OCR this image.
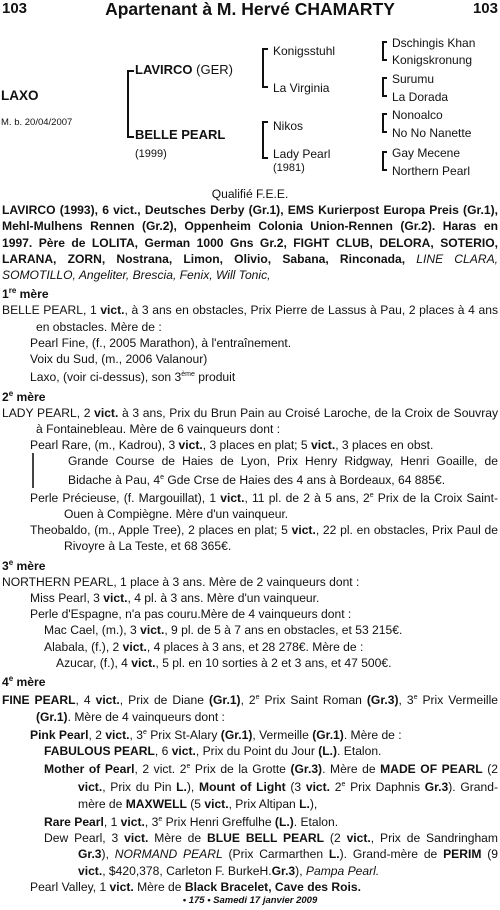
103	Apartenant à M. Hervé CHAMARTY	103
LAXO
M. b. 20/04/2007
LAVIRCO (GER)
BELLE PEARL
(1999)
Konigsstuhl
La Virginia
Nikos
Lady Pearl
(1981)
Dschingis Khan
Konigskronung
Surumu
La Dorada
Nonoalco
No No Nanette
Gay Mecene
Northern Pearl

Qualifié F.E.E.

LAVIRCO (1993), 6 vict., Deutsches Derby (Gr.1), EMS Kurierpost Europa Preis (Gr.1), Mehl-Mulhens Rennen (Gr.2), Oppenheim Colonia Union-Rennen (Gr.2). Haras en 1997. Père de LOLITA, German 1000 Gns Gr.2, FIGHT CLUB, DELORA, SOTERIO, LARANA, ZORN, Nostrana, Limon, Olivio, Sabana, Rinconada, LINE CLARA, SOMOTILLO, Angeliter, Brescia, Fenix, Will Tonic,

1re mère

BELLE PEARL, 1 vict., à 3 ans en obstacles, Prix Pierre de Lassus à Pau, 2 places à 4 ans en obstacles. Mère de :

Pearl Fine, (f., 2005 Marathon), à l'entraînement.

Voix du Sud, (m., 2006 Valanour)

Laxo, (voir ci-dessus), son 3ème produit

2e mère

LADY PEARL, 2 vict. à 3 ans, Prix du Brun Pain au Croisé Laroche, de la Croix de Souvray à Fontainebleau. Mère de 6 vainqueurs dont :

Pearl Rare, (m., Kadrou), 3 vict., 3 places en plat; 5 vict., 3 places en obst.

Grande Course de Haies de Lyon, Prix Henry Ridgway, Henri Goaille, de Bidache à Pau, 4e Gde Crse de Haies des 4 ans à Bordeaux, 64 885€.

Perle Précieuse, (f. Margouillat), 1 vict., 11 pl. de 2 à 5 ans, 2e Prix de la Croix Saint-Ouen à Compiègne. Mère d'un vainqueur.

Theobaldo, (m., Apple Tree), 2 places en plat; 5 vict., 22 pl. en obstacles, Prix Paul de Rivoyre à La Teste, et 68 365€.

3e mère

NORTHERN PEARL, 1 place à 3 ans. Mère de 2 vainqueurs dont :

Miss Pearl, 3 vict., 4 pl. à 3 ans. Mère d'un vainqueur.

Perle d'Espagne, n'a pas couru.Mère de 4 vainqueurs dont :

Mac Cael, (m.), 3 vict., 9 pl. de 5 à 7 ans en obstacles, et 53 215€.

Alabala, (f.), 2 vict., 4 places à 3 ans, et 28 278€. Mère de :

Azucar, (f.), 4 vict., 5 pl. en 10 sorties à 2 et 3 ans, et 47 500€.

4e mère

FINE PEARL, 4 vict., Prix de Diane (Gr.1), 2e Prix Saint Roman (Gr.3), 3e Prix Vermeille (Gr.1). Mère de 4 vainqueurs dont :

Pink Pearl, 2 vict., 3e Prix St-Alary (Gr.1), Vermeille (Gr.1). Mère de :

FABULOUS PEARL, 6 vict., Prix du Point du Jour (L.). Etalon.

Mother of Pearl, 2 vict. 2e Prix de la Grotte (Gr.3). Mère de MADE OF PEARL (2 vict., Prix du Pin L.), Mount of Light (3 vict. 2e Prix Daphnis Gr.3). Grand-mère de MAXWELL (5 vict., Prix Altipan L.),

Rare Pearl, 1 vict., 3e Prix Henri Greffulhe (L.). Etalon.

Dew Pearl, 3 vict. Mère de BLUE BELL PEARL (2 vict., Prix de Sandringham Gr.3), NORMAND PEARL (Prix Carmarthen L.). Grand-mère de PERIM (9 vict., $420,378, Carleton F. BurkeH.Gr.3), Pampa Pearl.

Pearl Valley, 1 vict. Mère de Black Bracelet, Cave des Rois.

• 175 • Samedi 17 janvier 2009
